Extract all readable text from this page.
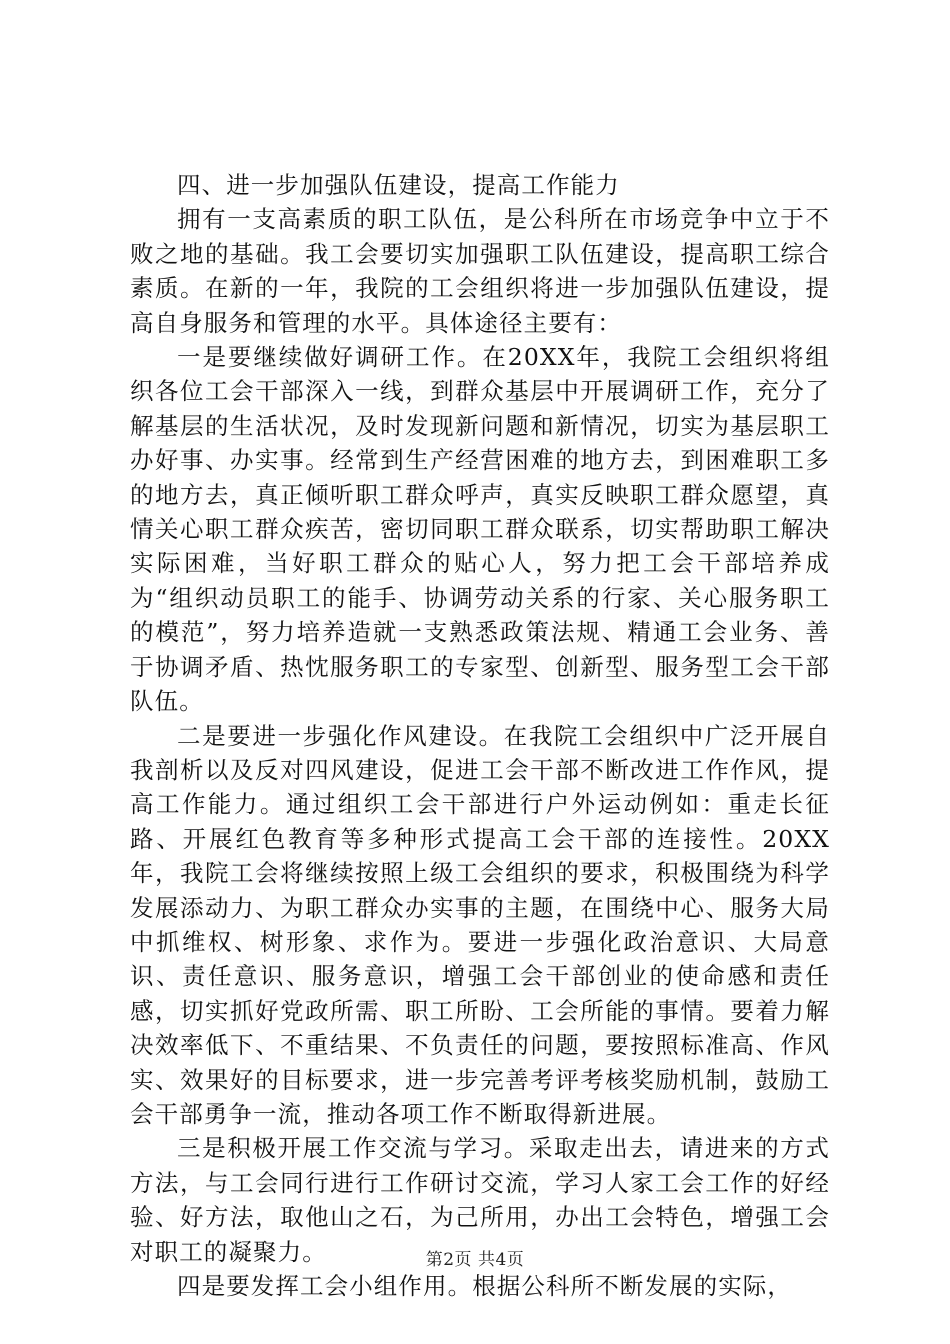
四、进一步加强队伍建设，提高工作能力

拥有一支高素质的职工队伍，是公科所在市场竞争中立于不败之地的基础。我工会要切实加强职工队伍建设，提高职工综合素质。在新的一年，我院的工会组织将进一步加强队伍建设，提高自身服务和管理的水平。具体途径主要有：

一是要继续做好调研工作。在20XX年，我院工会组织将组织各位工会干部深入一线，到群众基层中开展调研工作，充分了解基层的生活状况，及时发现新问题和新情况，切实为基层职工办好事、办实事。经常到生产经营困难的地方去，到困难职工多的地方去，真正倾听职工群众呼声，真实反映职工群众愿望，真情关心职工群众疾苦，密切同职工群众联系，切实帮助职工解决实际困难，当好职工群众的贴心人，努力把工会干部培养成为“组织动员职工的能手、协调劳动关系的行家、关心服务职工的模范”，努力培养造就一支熟悉政策法规、精通工会业务、善于协调矛盾、热忱服务职工的专家型、创新型、服务型工会干部队伍。

二是要进一步强化作风建设。在我院工会组织中广泛开展自我剖析以及反对四风建设，促进工会干部不断改进工作作风，提高工作能力。通过组织工会干部进行户外运动例如：重走长征路、开展红色教育等多种形式提高工会干部的连接性。20XX年，我院工会将继续按照上级工会组织的要求，积极围绕为科学发展添动力、为职工群众办实事的主题，在围绕中心、服务大局中抓维权、树形象、求作为。要进一步强化政治意识、大局意识、责任意识、服务意识，增强工会干部创业的使命感和责任感，切实抓好党政所需、职工所盼、工会所能的事情。要着力解决效率低下、不重结果、不负责任的问题，要按照标准高、作风实、效果好的目标要求，进一步完善考评考核奖励机制，鼓励工会干部勇争一流，推动各项工作不断取得新进展。

三是积极开展工作交流与学习。采取走出去，请进来的方式方法，与工会同行进行工作研讨交流，学习人家工会工作的好经验、好方法，取他山之石，为己所用，办出工会特色，增强工会对职工的凝聚力。

四是要发挥工会小组作用。根据公科所不断发展的实际，

第2页 共4页
